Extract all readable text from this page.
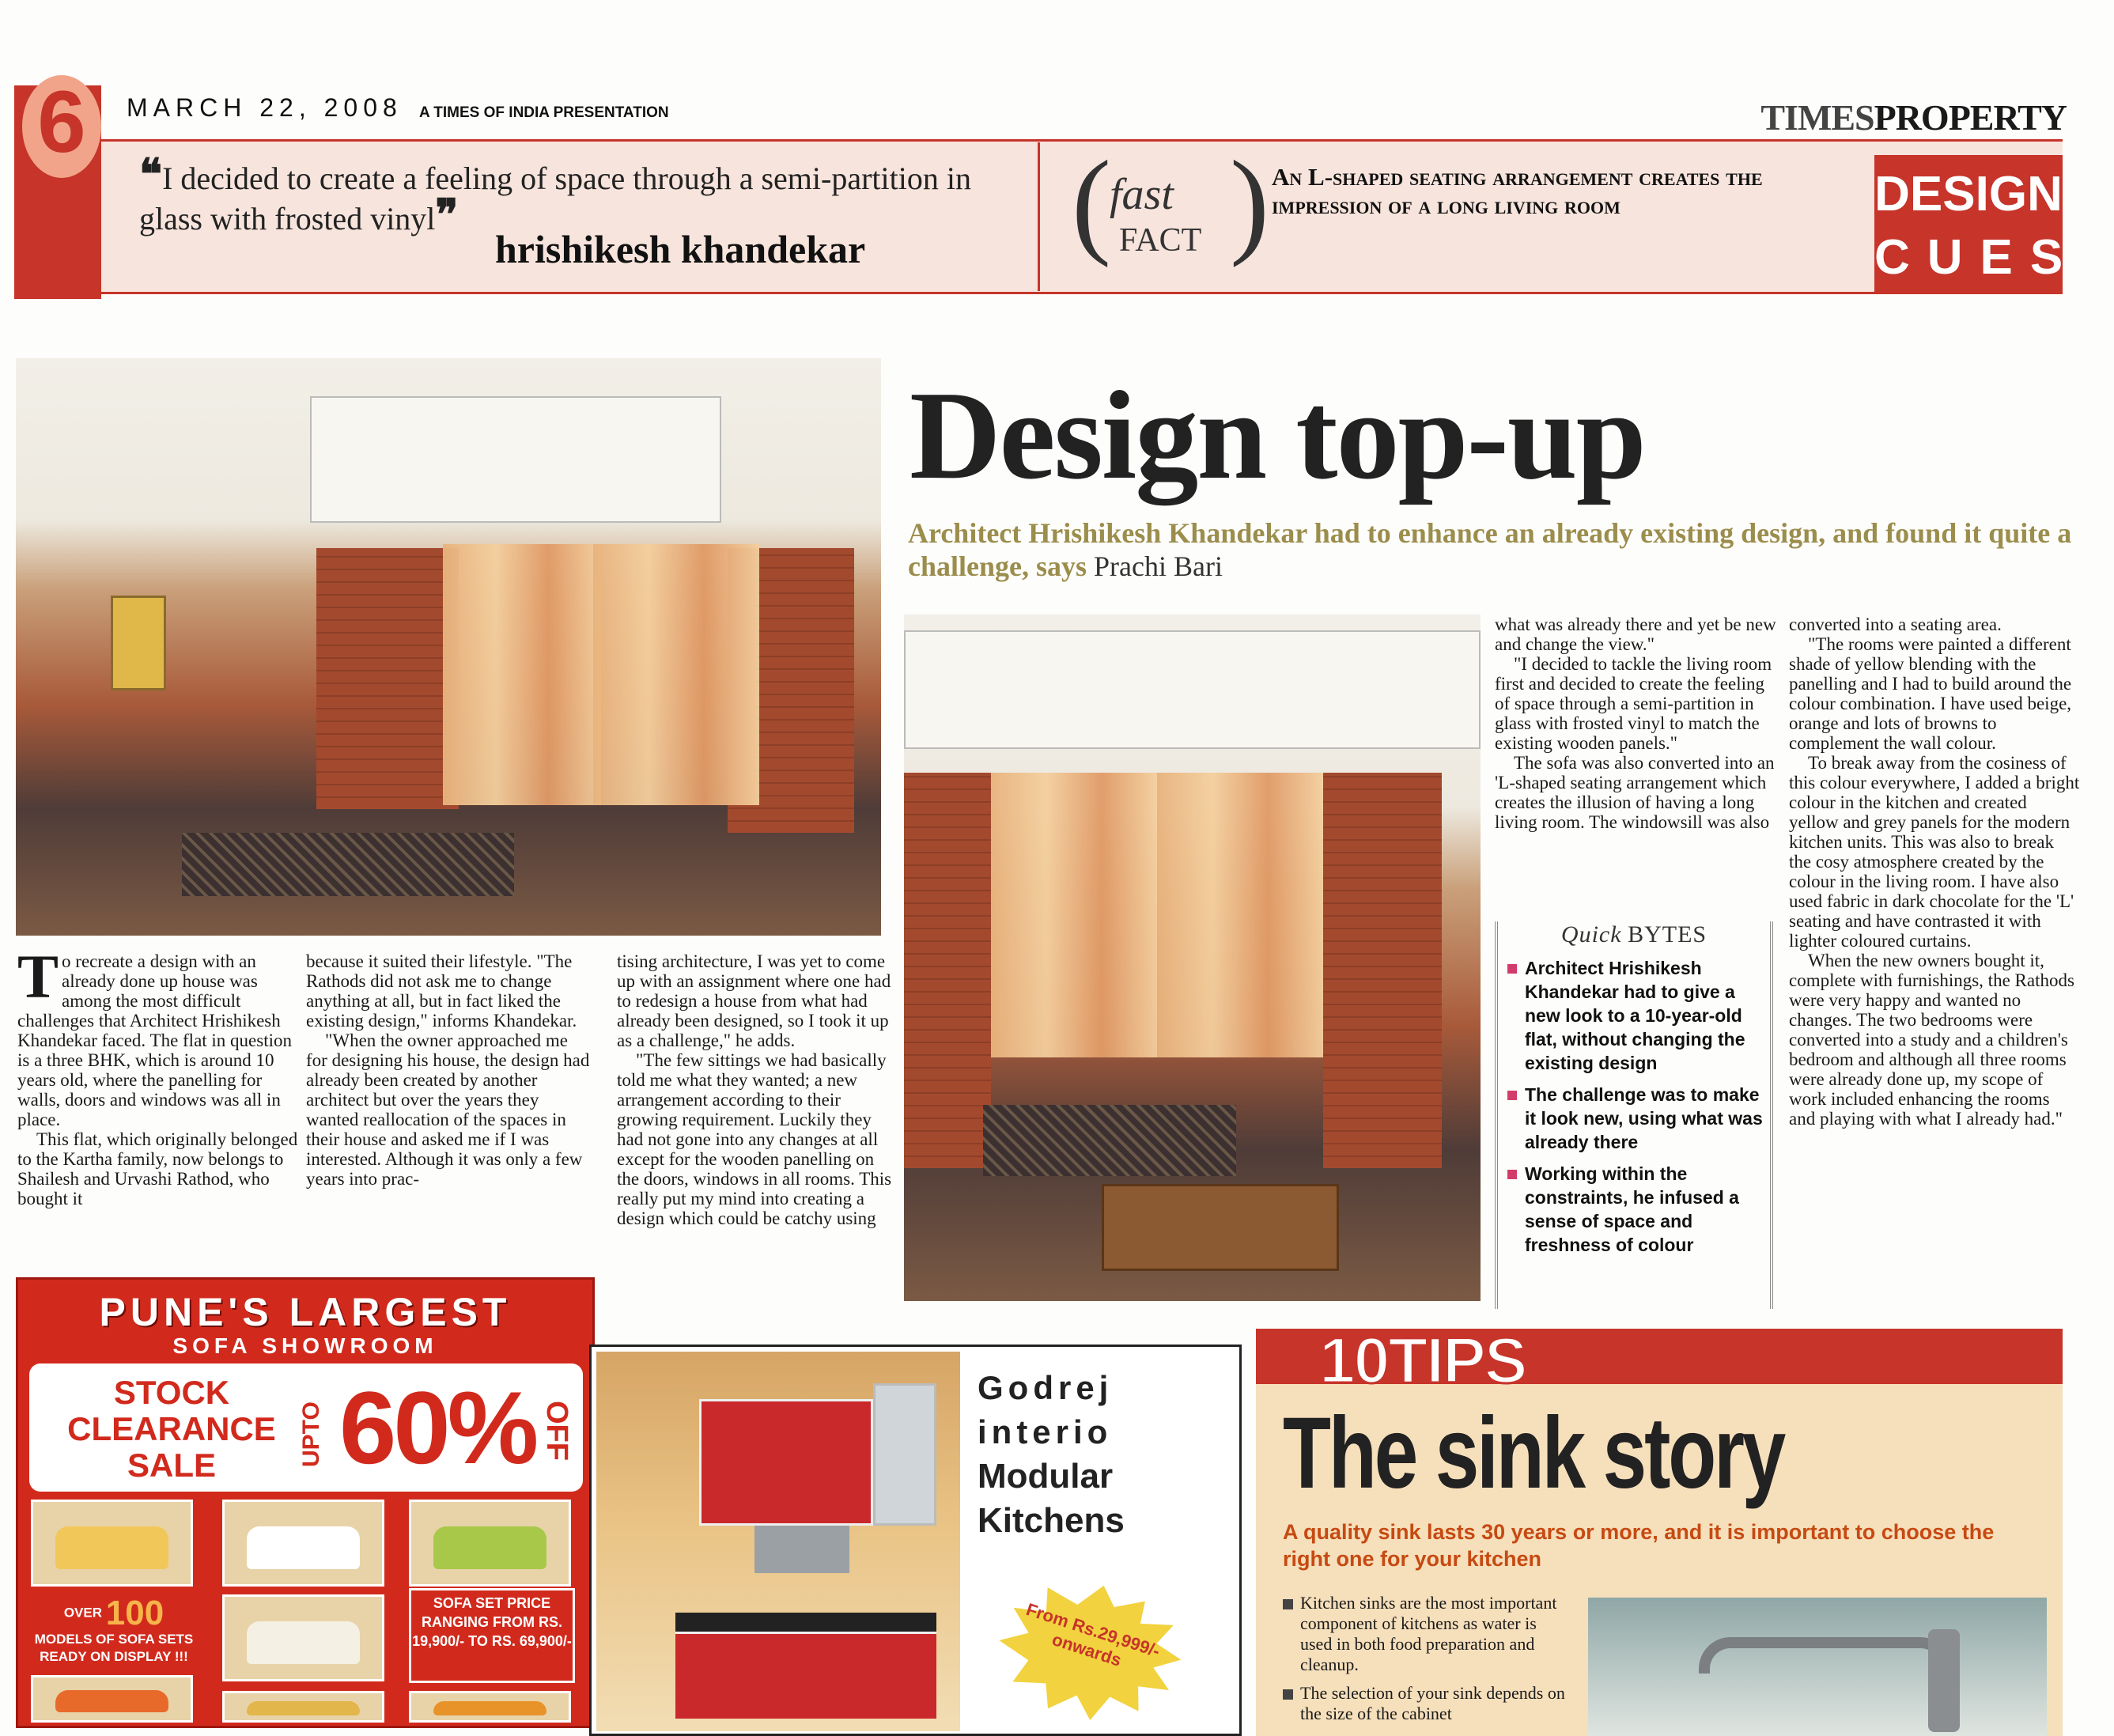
6	MARCH 22, 2008 A TIMES OF INDIA PRESENTATION	TIMESPROPERTY
❝I decided to create a feeling of space through a semi-partition in glass with frosted vinyl❞
hrishikesh khandekar (
fast
FACT ) An L-shaped seating arrangement creates the impression of a long living room	DESIGN
CUES
Design top-up
Architect Hrishikesh Khandekar had to enhance an already existing design, and found it quite a challenge, says Prachi Bari
T o recreate a design with an already done up house was among the most difficult challenges that Architect Hrishikesh Khandekar faced. The flat in question is a three BHK, which is around 10 years old, where the panelling for walls, doors and windows was all in place.

This flat, which originally belonged to the Kartha family, now belongs to Shailesh and Urvashi Rathod, who bought it

because it suited their lifestyle. "The Rathods did not ask me to change anything at all, but in fact liked the existing design," informs Khandekar.

"When the owner approached me for designing his house, the design had already been created by another architect but over the years they wanted reallocation of the spaces in their house and asked me if I was interested. Although it was only a few years into prac-

tising architecture, I was yet to come up with an assignment where one had to redesign a house from what had already been designed, so I took it up as a challenge," he adds.

"The few sittings we had basically told me what they wanted; a new arrangement according to their growing requirement. Luckily they had not gone into any changes at all except for the wooden panelling on the doors, windows in all rooms. This really put my mind into creating a design which could be catchy using

what was already there and yet be new and change the view."

"I decided to tackle the living room first and decided to create the feeling of space through a semi-partition in glass with frosted vinyl to match the existing wooden panels."

The sofa was also converted into an 'L-shaped seating arrangement which creates the illusion of having a long living room. The windowsill was also

converted into a seating area.

"The rooms were painted a different shade of yellow blending with the panelling and I had to build around the colour combination. I have used beige, orange and lots of browns to complement the wall colour.

To break away from the cosiness of this colour everywhere, I added a bright colour in the kitchen and created yellow and grey panels for the modern kitchen units. This was also to break the cosy atmosphere created by the colour in the living room. I have also used fabric in dark chocolate for the 'L' seating and have contrasted it with lighter coloured curtains.

When the new owners bought it, complete with furnishings, the Rathods were very happy and wanted no changes. The two bedrooms were converted into a study and a children's bedroom and although all three rooms were already done up, my scope of work included enhancing the rooms and playing with what I already had."

Quick BYTES
Architect Hrishikesh Khandekar had to give a new look to a 10-year-old flat, without changing the existing design
The challenge was to make it look new, using what was already there
Working within the constraints, he infused a sense of space and freshness of colour
PUNE'S LARGEST
SOFA SHOWROOM
STOCK CLEARANCE SALE	UPTO 60% OFF
OVER 100
MODELS OF SOFA SETS READY ON DISPLAY !!!
SOFA SET PRICE RANGING FROM RS. 19,900/- TO RS. 69,900/-
Godrej
interio
Modular
Kitchens
From Rs.29,999/- onwards
10TIPS
The sink story
A quality sink lasts 30 years or more, and it is important to choose the
right one for your kitchen
Kitchen sinks are the most important component of kitchens as water is used in both food preparation and cleanup.
The selection of your sink depends on the size of the cabinet
